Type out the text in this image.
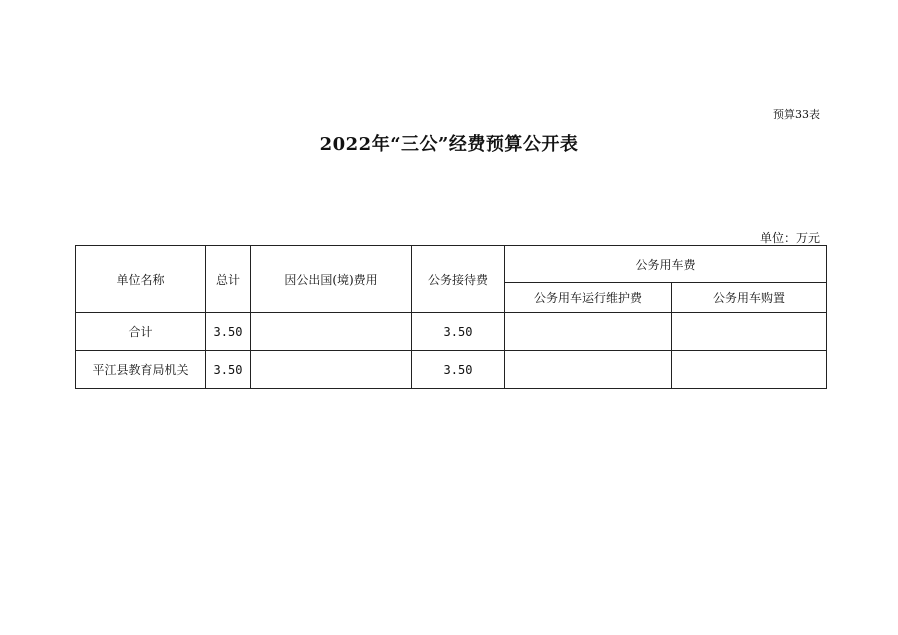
预算33表
2022年“三公”经费预算公开表
单位：万元
单位名称	总计	因公出国(境)费用	公务接待费	公务用车费	
				公务用车运行维护费	公务用车购置
合计	3.50		3.50		
平江县教育局机关	3.50		3.50		
